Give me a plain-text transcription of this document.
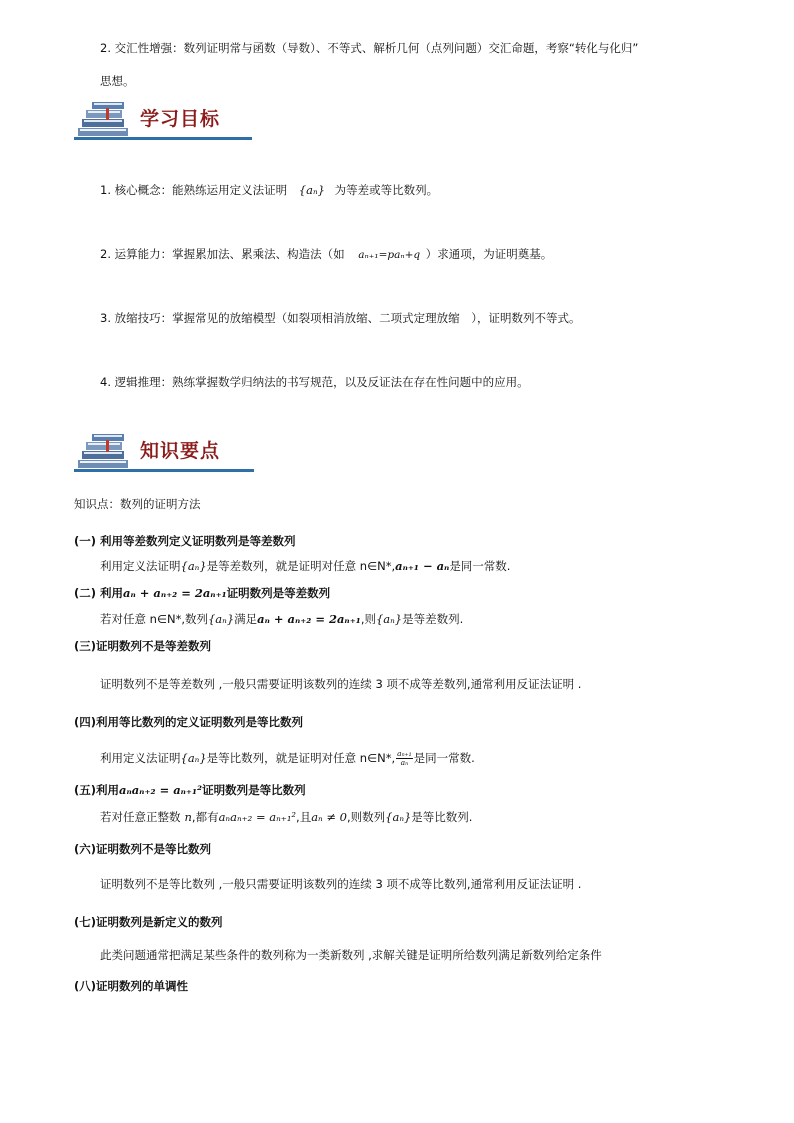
2. 交汇性增强：数列证明常与函数（导数）、不等式、解析几何（点列问题）交汇命题，考察“转化与化归”
思想。
学习目标
1. 核心概念：能熟练运用定义法证明 {aₙ} 为等差或等比数列。
2. 运算能力：掌握累加法、累乘法、构造法（如 aₙ₊₁=paₙ+q ）求通项，为证明奠基。
3. 放缩技巧：掌握常见的放缩模型（如裂项相消放缩、二项式定理放缩 ），证明数列不等式。
4. 逻辑推理：熟练掌握数学归纳法的书写规范，以及反证法在存在性问题中的应用。
知识要点
知识点：数列的证明方法
(一) 利用等差数列定义证明数列是等差数列
利用定义法证明{aₙ}是等差数列，就是证明对任意 n∈N*,aₙ₊₁ − aₙ是同一常数.
(二) 利用aₙ + aₙ₊₂ = 2aₙ₊₁证明数列是等差数列
若对任意 n∈N*,数列{aₙ}满足aₙ + aₙ₊₂ = 2aₙ₊₁,则{aₙ}是等差数列.
(三)证明数列不是等差数列
证明数列不是等差数列 ,一般只需要证明该数列的连续 3 项不成等差数列,通常利用反证法证明 .
(四)利用等比数列的定义证明数列是等比数列
利用定义法证明{aₙ}是等比数列，就是证明对任意 n∈N*, $\frac{\text{aₙ₊₁}}{\text{aₙ}}$ 是同一常数.
(五)利用aₙaₙ₊₂ = aₙ₊₁²证明数列是等比数列
若对任意正整数 n,都有aₙaₙ₊₂ = aₙ₊₁²,且aₙ ≠ 0,则数列{aₙ}是等比数列.
(六)证明数列不是等比数列
证明数列不是等比数列 ,一般只需要证明该数列的连续 3 项不成等比数列,通常利用反证法证明 .
(七)证明数列是新定义的数列
此类问题通常把满足某些条件的数列称为一类新数列 ,求解关键是证明所给数列满足新数列给定条件
(八)证明数列的单调性
